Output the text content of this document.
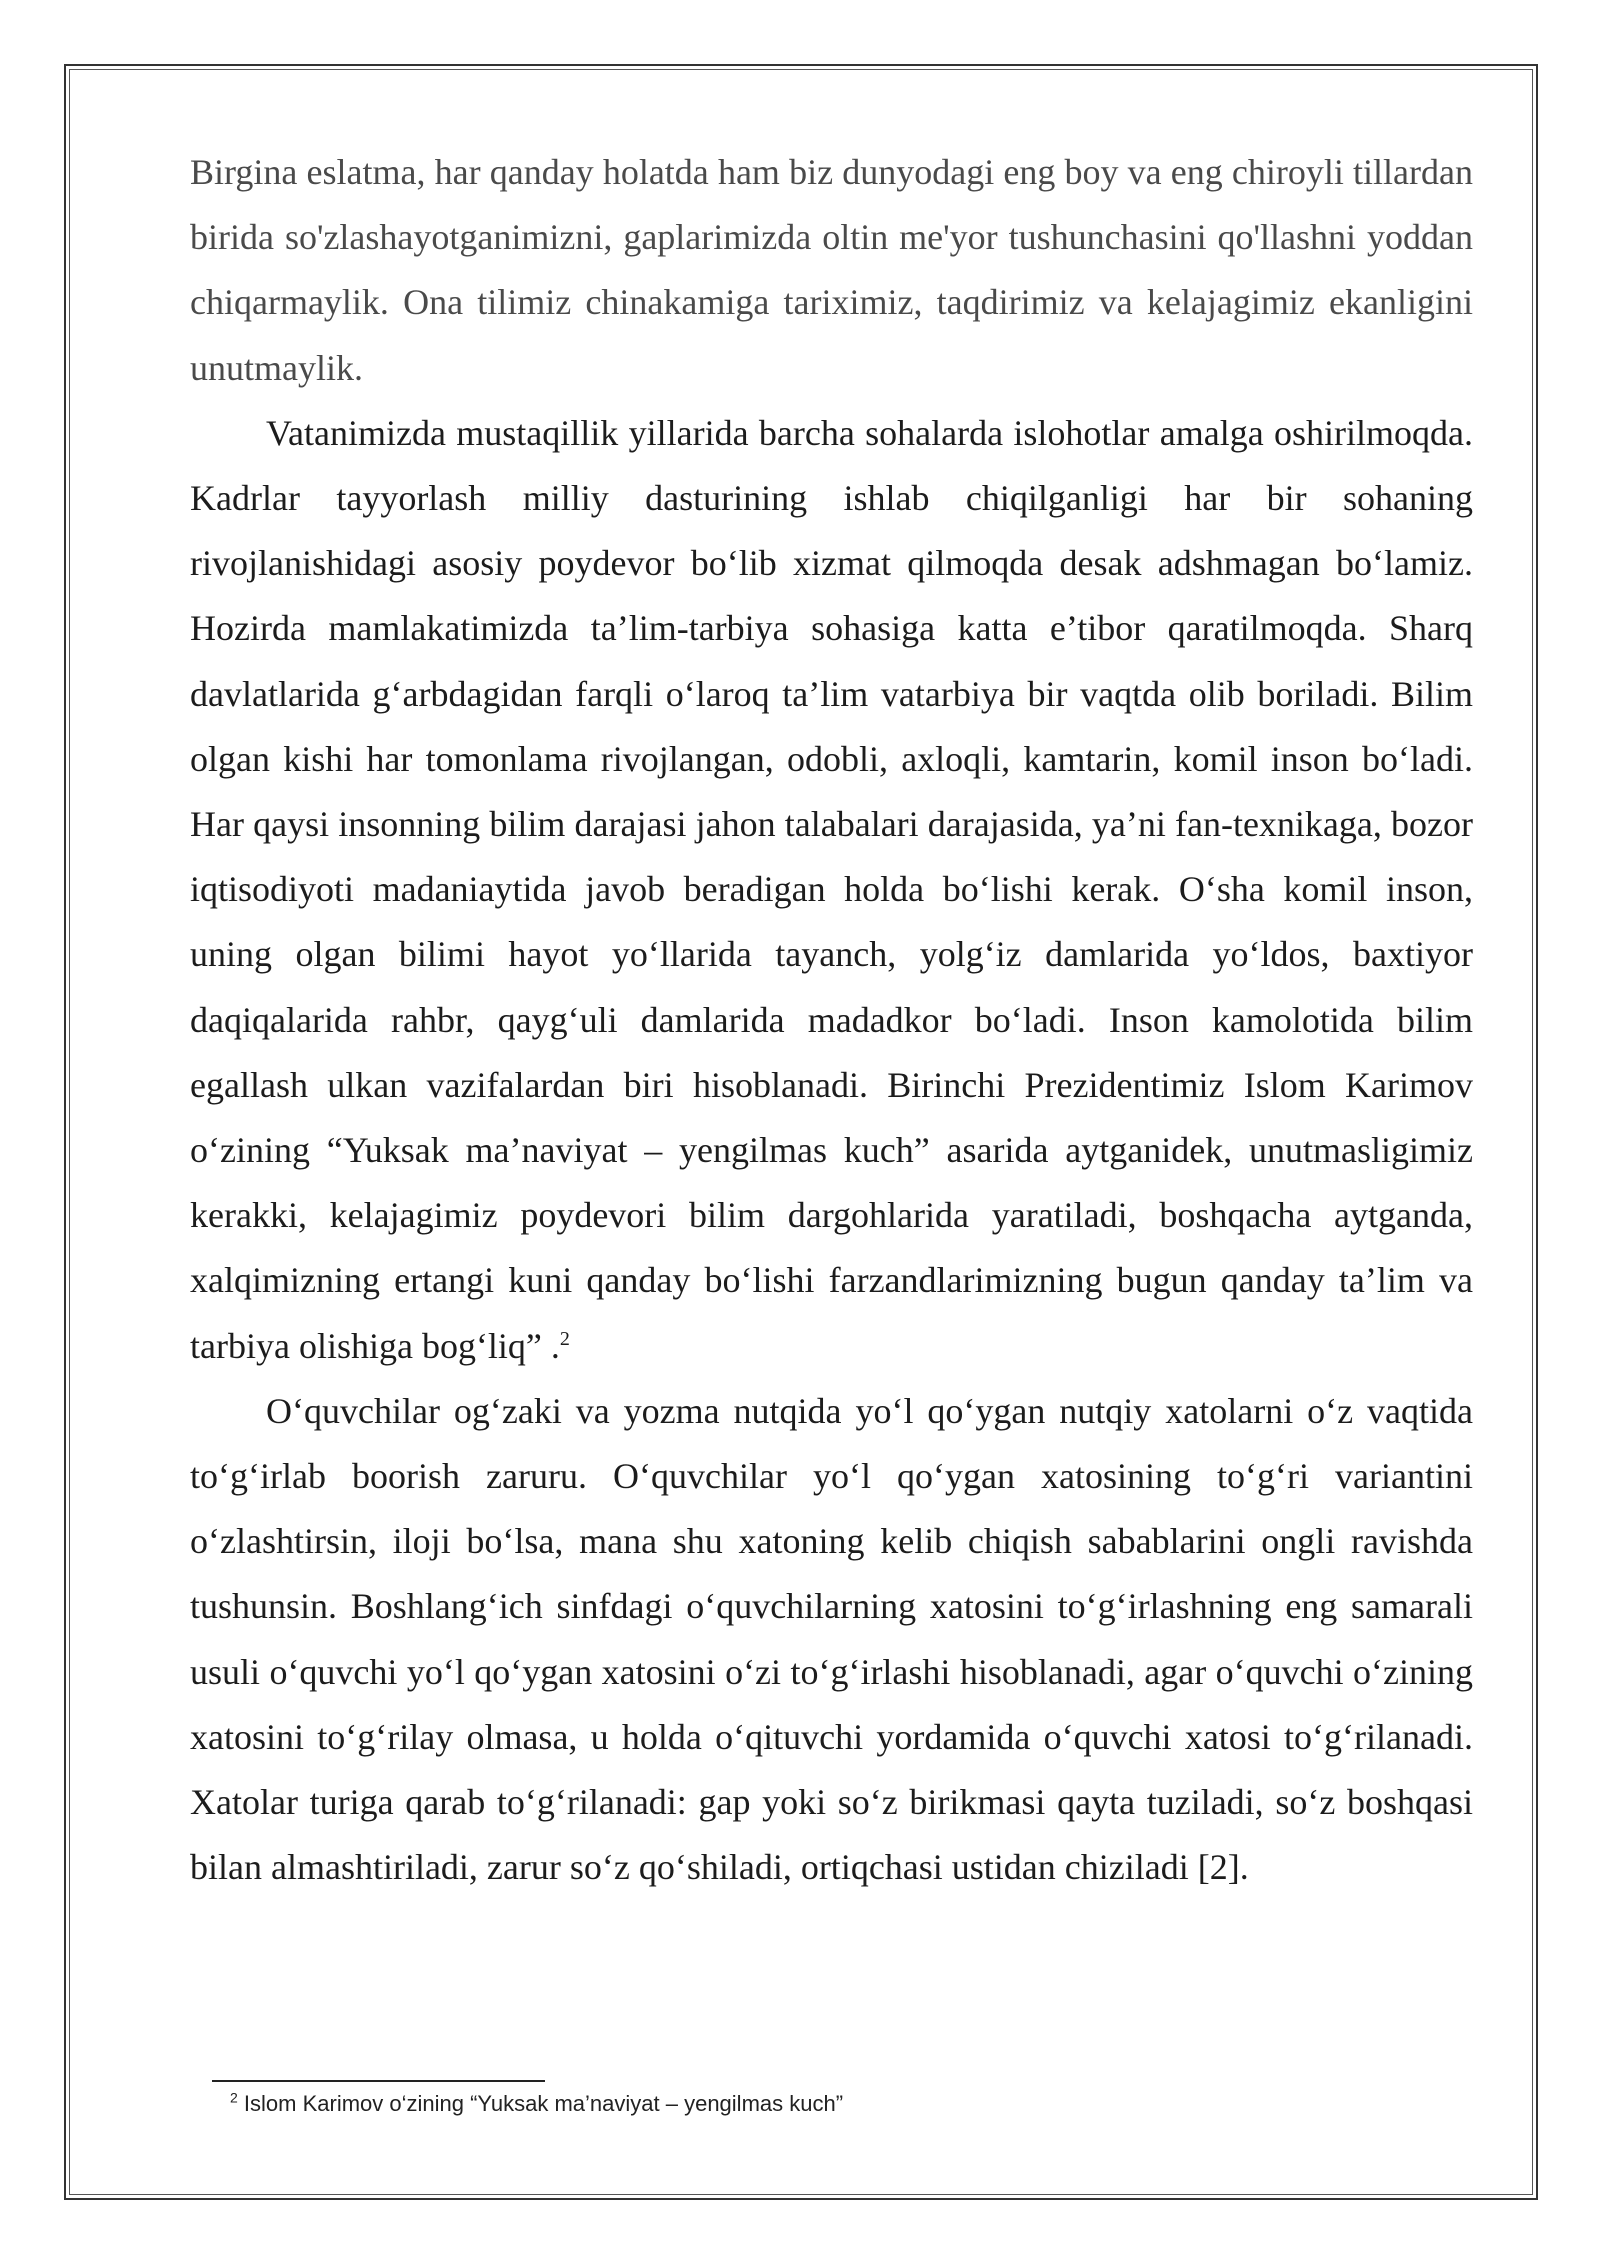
Birgina eslatma, har qanday holatda ham biz dunyodagi eng boy va eng chiroyli tillardan birida so'zlashayotganimizni, gaplarimizda oltin me'yor tushunchasini qo'llashni yoddan chiqarmaylik. Ona tilimiz chinakamiga tariximiz, taqdirimiz va kelajagimiz ekanligini unutmaylik.

Vatanimizda mustaqillik yillarida barcha sohalarda islohotlar amalga oshirilmoqda. Kadrlar tayyorlash milliy dasturining ishlab chiqilganligi har bir sohaning rivojlanishidagi asosiy poydevor bo‘lib xizmat qilmoqda desak adshmagan bo‘lamiz. Hozirda mamlakatimizda ta’lim-tarbiya sohasiga katta e’tibor qaratilmoqda. Sharq davlatlarida g‘arbdagidan farqli o‘laroq ta’lim vatarbiya bir vaqtda olib boriladi. Bilim olgan kishi har tomonlama rivojlangan, odobli, axloqli, kamtarin, komil inson bo‘ladi. Har qaysi insonning bilim darajasi jahon talabalari darajasida, ya’ni fan-texnikaga, bozor iqtisodiyoti madaniaytida javob beradigan holda bo‘lishi kerak. O‘sha komil inson, uning olgan bilimi hayot yo‘llarida tayanch, yolg‘iz damlarida yo‘ldos, baxtiyor daqiqalarida rahbr, qayg‘uli damlarida madadkor bo‘ladi. Inson kamolotida bilim egallash ulkan vazifalardan biri hisoblanadi. Birinchi Prezidentimiz Islom Karimov o‘zining “Yuksak ma’naviyat – yengilmas kuch” asarida aytganidek, unutmasligimiz kerakki, kelajagimiz poydevori bilim dargohlarida yaratiladi, boshqacha aytganda, xalqimizning ertangi kuni qanday bo‘lishi farzandlarimizning bugun qanday ta’lim va tarbiya olishiga bog‘liq” .$^2$

O‘quvchilar og‘zaki va yozma nutqida yo‘l qo‘ygan nutqiy xatolarni o‘z vaqtida to‘g‘irlab boorish zaruru. O‘quvchilar yo‘l qo‘ygan xatosining to‘g‘ri variantini o‘zlashtirsin, iloji bo‘lsa, mana shu xatoning kelib chiqish sabablarini ongli ravishda tushunsin. Boshlang‘ich sinfdagi o‘quvchilarning xatosini to‘g‘irlashning eng samarali usuli o‘quvchi yo‘l qo‘ygan xatosini o‘zi to‘g‘irlashi hisoblanadi, agar o‘quvchi o‘zining xatosini to‘g‘rilay olmasa, u holda o‘qituvchi yordamida o‘quvchi xatosi to‘g‘rilanadi. Xatolar turiga qarab to‘g‘rilanadi: gap yoki so‘z birikmasi qayta tuziladi, so‘z boshqasi bilan almashtiriladi, zarur so‘z qo‘shiladi, ortiqchasi ustidan chiziladi [2].

$^2$ Islom Karimov o‘zining “Yuksak ma’naviyat – yengilmas kuch”
